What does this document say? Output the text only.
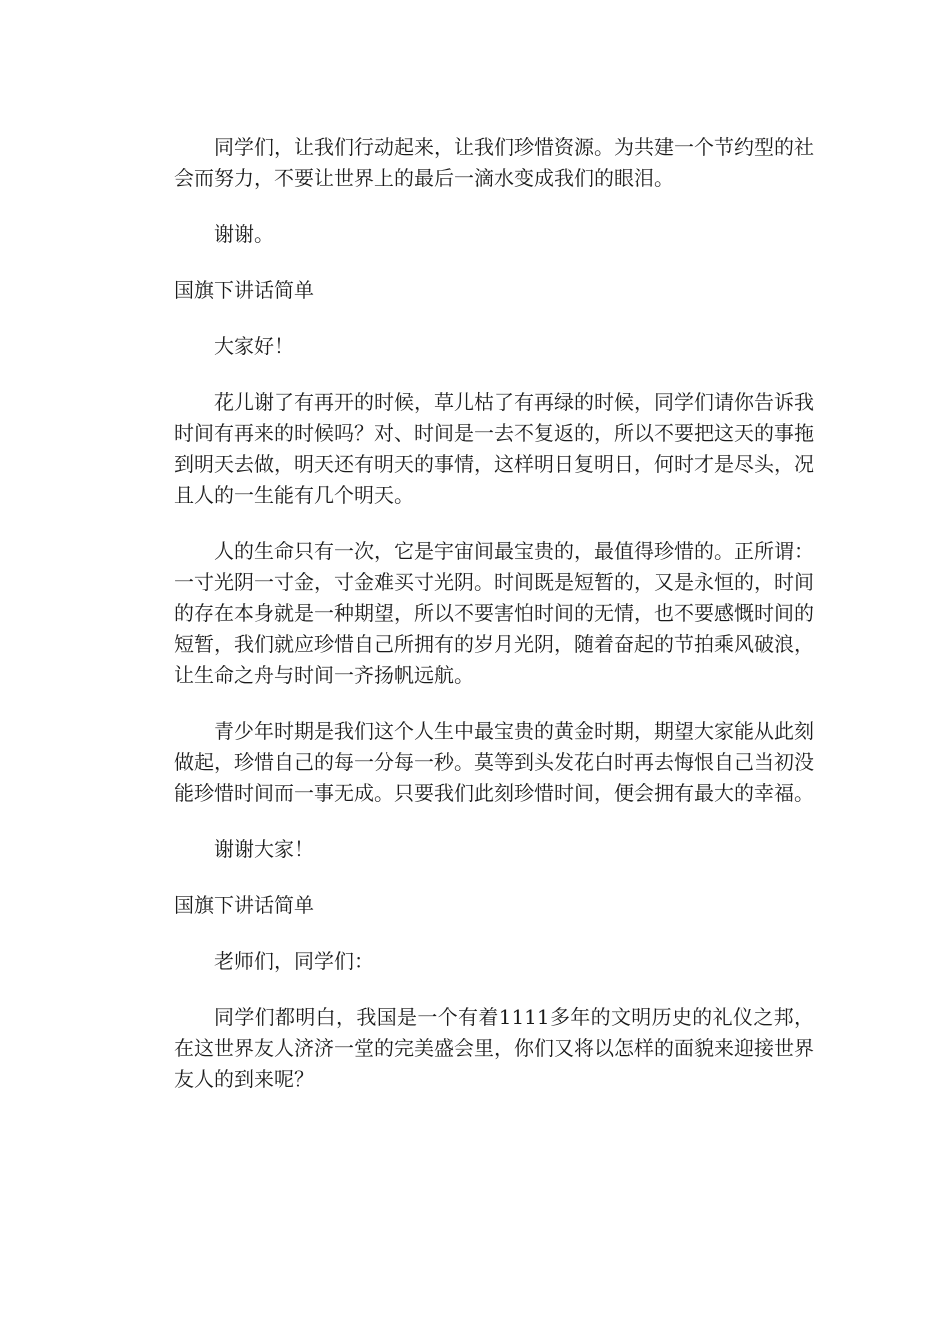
同学们，让我们行动起来，让我们珍惜资源。为共建一个节约型的社会而努力，不要让世界上的最后一滴水变成我们的眼泪。

谢谢。

国旗下讲话简单

大家好！

花儿谢了有再开的时候，草儿枯了有再绿的时候，同学们请你告诉我时间有再来的时候吗？对、时间是一去不复返的，所以不要把这天的事拖到明天去做，明天还有明天的事情，这样明日复明日，何时才是尽头，况且人的一生能有几个明天。

人的生命只有一次，它是宇宙间最宝贵的，最值得珍惜的。正所谓：一寸光阴一寸金，寸金难买寸光阴。时间既是短暂的，又是永恒的，时间的存在本身就是一种期望，所以不要害怕时间的无情，也不要感慨时间的短暂，我们就应珍惜自己所拥有的岁月光阴，随着奋起的节拍乘风破浪，让生命之舟与时间一齐扬帆远航。

青少年时期是我们这个人生中最宝贵的黄金时期，期望大家能从此刻做起，珍惜自己的每一分每一秒。莫等到头发花白时再去悔恨自己当初没能珍惜时间而一事无成。只要我们此刻珍惜时间，便会拥有最大的幸福。

谢谢大家！

国旗下讲话简单

老师们，同学们：

同学们都明白，我国是一个有着1111多年的文明历史的礼仪之邦，在这世界友人济济一堂的完美盛会里，你们又将以怎样的面貌来迎接世界友人的到来呢？
